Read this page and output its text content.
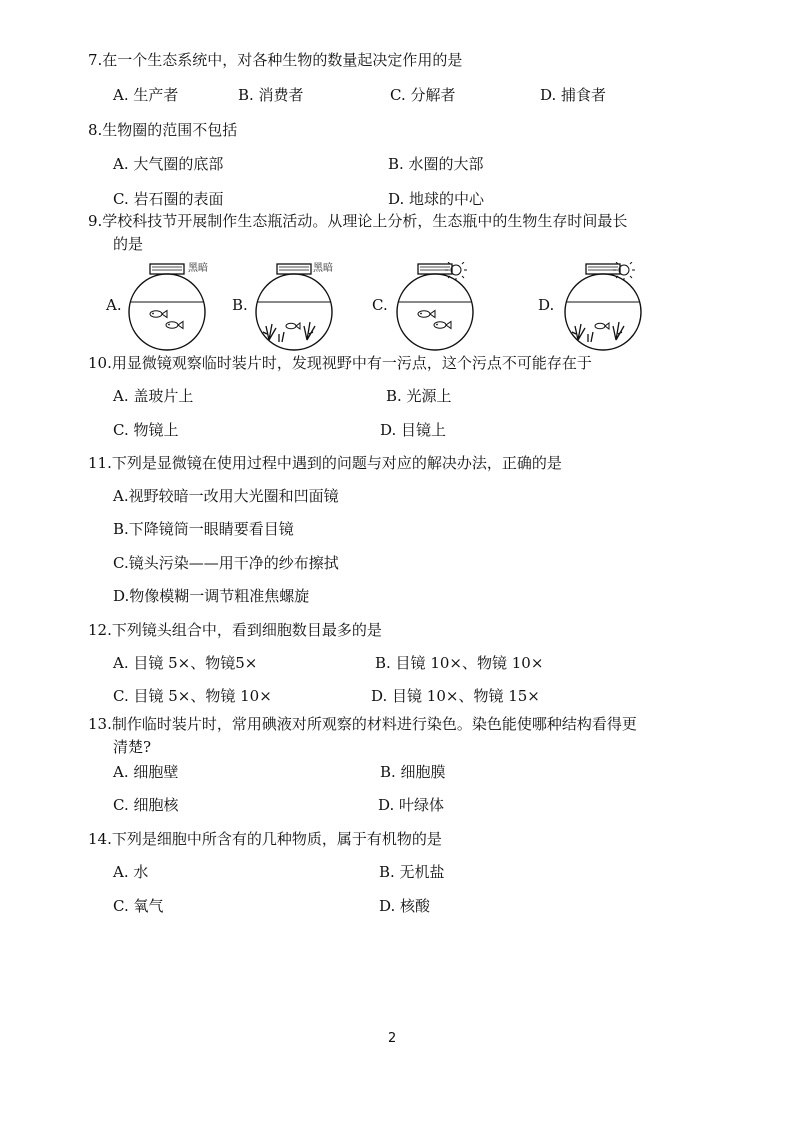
7.在一个生态系统中，对各种生物的数量起决定作用的是
A. 生产者	B. 消费者	C. 分解者	D. 捕食者
8.生物圈的范围不包括
A. 大气圈的底部	B. 水圈的大部
C. 岩石圈的表面	D. 地球的中心
9.学校科技节开展制作生态瓶活动。从理论上分析，生态瓶中的生物生存时间最长
的是
A.
黑暗
B.
黑暗
C.	D.
10.用显微镜观察临时装片时，发现视野中有一污点，这个污点不可能存在于
A. 盖玻片上	B. 光源上
C. 物镜上	D. 目镜上
11.下列是显微镜在使用过程中遇到的问题与对应的解决办法，正确的是
A.视野较暗一改用大光圈和凹面镜
B.下降镜筒一眼睛要看目镜
C.镜头污染——用干净的纱布擦拭
D.物像模糊一调节粗准焦螺旋
12.下列镜头组合中，看到细胞数目最多的是
A. 目镜 5×、物镜5×	B. 目镜 10×、物镜 10×
C. 目镜 5×、物镜 10×	D. 目镜 10×、物镜 15×
13.制作临时装片时，常用碘液对所观察的材料进行染色。染色能使哪种结构看得更
清楚?
A. 细胞壁	B. 细胞膜
C. 细胞核	D. 叶绿体
14.下列是细胞中所含有的几种物质，属于有机物的是
A. 水	B. 无机盐
C. 氧气	D. 核酸
2
